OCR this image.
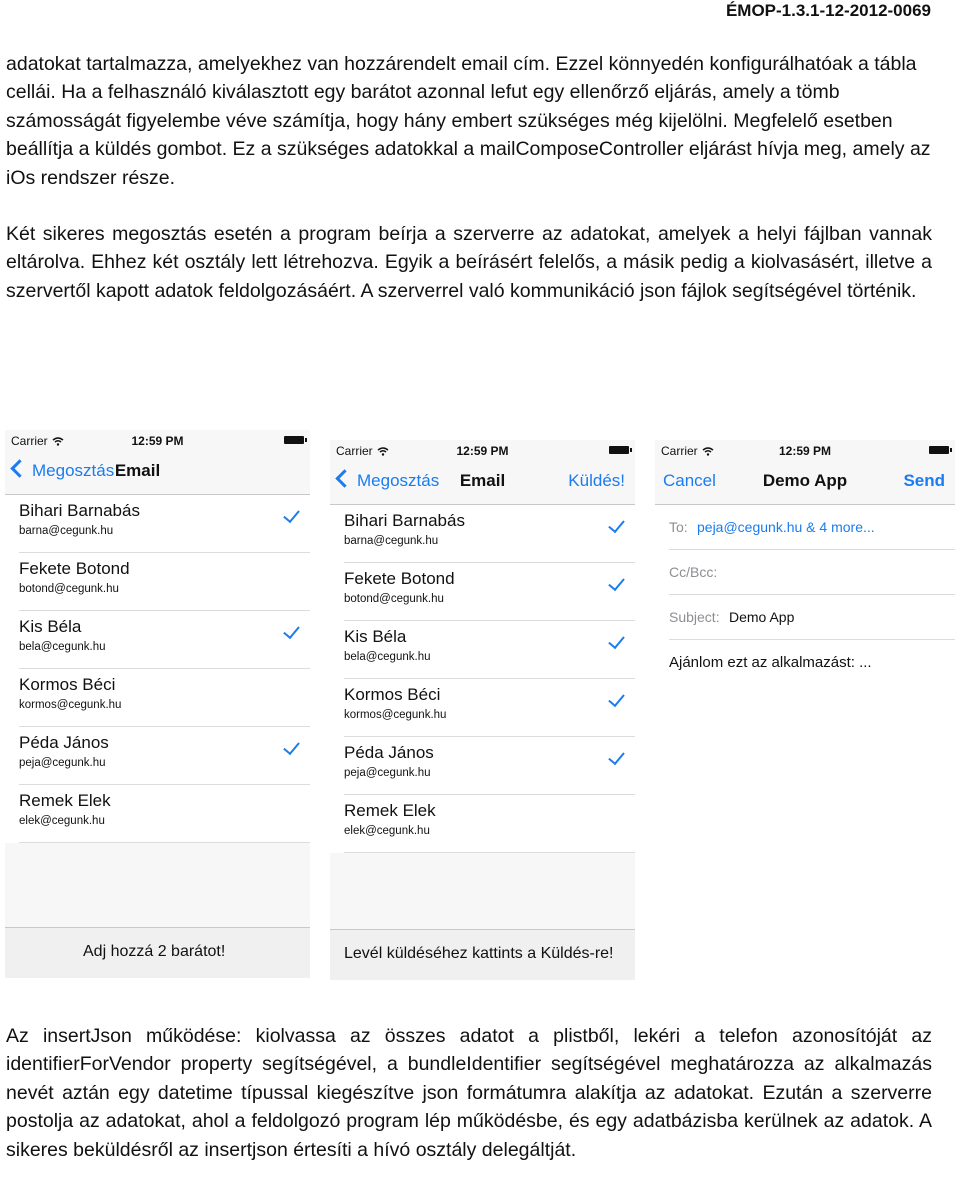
ÉMOP-1.3.1-12-2012-0069

adatokat tartalmazza, amelyekhez van hozzárendelt email cím. Ezzel könnyedén konfigurálhatóak a tábla cellái. Ha a felhasználó kiválasztott egy barátot azonnal lefut egy ellenőrző eljárás, amely a tömb számosságát figyelembe véve számítja, hogy hány embert szükséges még kijelölni. Megfelelő esetben beállítja a küldés gombot. Ez a szükséges adatokkal a mailComposeController eljárást hívja meg, amely az iOs rendszer része.

Két sikeres megosztás esetén a program beírja a szerverre az adatokat, amelyek a helyi fájlban vannak eltárolva. Ehhez két osztály lett létrehozva. Egyik a beírásért felelős, a másik pedig a kiolvasásért, illetve a szervertől kapott adatok feldolgozásáért. A szerverrel való kommunikáció json fájlok segítségével történik.

Carrier	12:59 PM
Megosztás Email
Bihari Barnabás
barna@cegunk.hu
Fekete Botond
botond@cegunk.hu
Kis Béla
bela@cegunk.hu
Kormos Béci
kormos@cegunk.hu
Péda János
peja@cegunk.hu
Remek Elek
elek@cegunk.hu
Adj hozzá 2 barátot!
Carrier	12:59 PM
Megosztás	Email	Küldés!
Bihari Barnabás
barna@cegunk.hu
Fekete Botond
botond@cegunk.hu
Kis Béla
bela@cegunk.hu
Kormos Béci
kormos@cegunk.hu
Péda János
peja@cegunk.hu
Remek Elek
elek@cegunk.hu
Levél küldéséhez kattints a Küldés-re!
Carrier	12:59 PM
Cancel	Demo App	Send
To: peja@cegunk.hu & 4 more...
Cc/Bcc:
Subject: Demo App
Ajánlom ezt az alkalmazást: ...

Az insertJson működése: kiolvassa az összes adatot a plistből, lekéri a telefon azonosítóját az identifierForVendor property segítségével, a bundleIdentifier segítségével meghatározza az alkalmazás nevét aztán egy datetime típussal kiegészítve json formátumra alakítja az adatokat. Ezután a szerverre postolja az adatokat, ahol a feldolgozó program lép működésbe, és egy adatbázisba kerülnek az adatok. A sikeres beküldésről az insertjson értesíti a hívó osztály delegáltját.
